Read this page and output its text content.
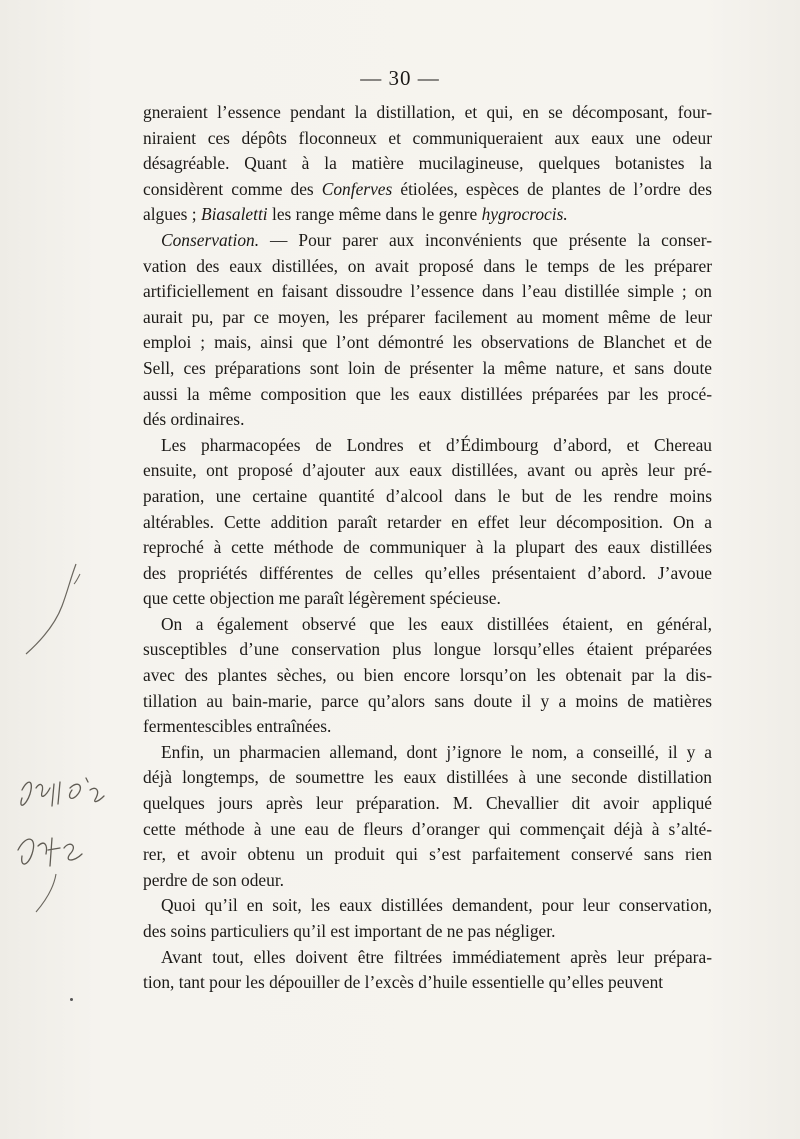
— 30 —
gneraient l’essence pendant la distillation, et qui, en se décomposant, four-
niraient ces dépôts floconneux et communiqueraient aux eaux une odeur
désagréable. Quant à la matière mucilagineuse, quelques botanistes la
considèrent comme des Conferves étiolées, espèces de plantes de l’ordre des
algues ; Biasaletti les range même dans le genre hygrocrocis.
Conservation. — Pour parer aux inconvénients que présente la conser-
vation des eaux distillées, on avait proposé dans le temps de les préparer
artificiellement en faisant dissoudre l’essence dans l’eau distillée simple ; on
aurait pu, par ce moyen, les préparer facilement au moment même de leur
emploi ; mais, ainsi que l’ont démontré les observations de Blanchet et de
Sell, ces préparations sont loin de présenter la même nature, et sans doute
aussi la même composition que les eaux distillées préparées par les procé-
dés ordinaires.
Les pharmacopées de Londres et d’Édimbourg d’abord, et Chereau
ensuite, ont proposé d’ajouter aux eaux distillées, avant ou après leur pré-
paration, une certaine quantité d’alcool dans le but de les rendre moins
altérables. Cette addition paraît retarder en effet leur décomposition. On a
reproché à cette méthode de communiquer à la plupart des eaux distillées
des propriétés différentes de celles qu’elles présentaient d’abord. J’avoue
que cette objection me paraît légèrement spécieuse.
On a également observé que les eaux distillées étaient, en général,
susceptibles d’une conservation plus longue lorsqu’elles étaient préparées
avec des plantes sèches, ou bien encore lorsqu’on les obtenait par la dis-
tillation au bain-marie, parce qu’alors sans doute il y a moins de matières
fermentescibles entraînées.
Enfin, un pharmacien allemand, dont j’ignore le nom, a conseillé, il y a
déjà longtemps, de soumettre les eaux distillées à une seconde distillation
quelques jours après leur préparation. M. Chevallier dit avoir appliqué
cette méthode à une eau de fleurs d’oranger qui commençait déjà à s’alté-
rer, et avoir obtenu un produit qui s’est parfaitement conservé sans rien
perdre de son odeur.
Quoi qu’il en soit, les eaux distillées demandent, pour leur conservation,
des soins particuliers qu’il est important de ne pas négliger.
Avant tout, elles doivent être filtrées immédiatement après leur prépara-
tion, tant pour les dépouiller de l’excès d’huile essentielle qu’elles peuvent
